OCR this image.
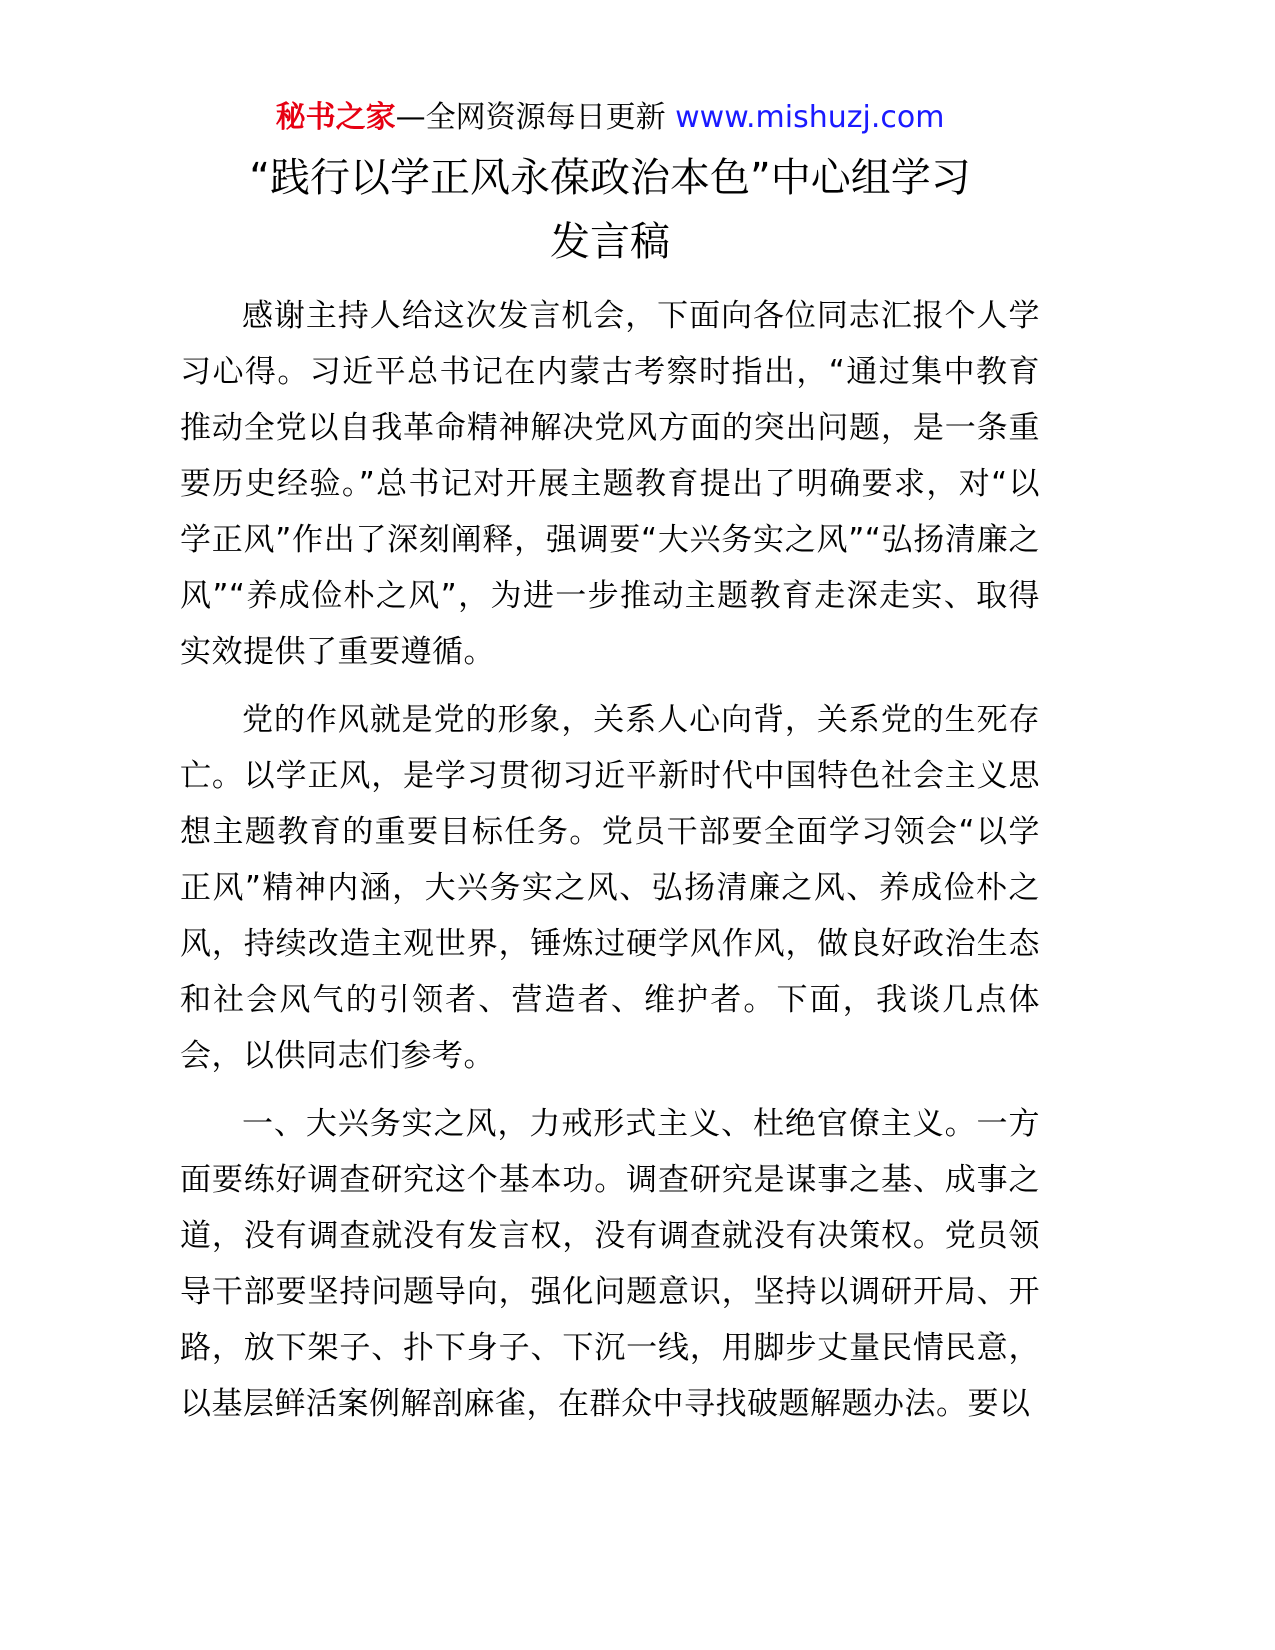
秘书之家—全网资源每日更新 www.mishuzj.com
“践行以学正风永葆政治本色”中心组学习
发言稿

感谢主持人给这次发言机会，下面向各位同志汇报个人学习心得。习近平总书记在内蒙古考察时指出，“通过集中教育推动全党以自我革命精神解决党风方面的突出问题，是一条重要历史经验。”总书记对开展主题教育提出了明确要求，对“以学正风”作出了深刻阐释，强调要“大兴务实之风”“弘扬清廉之风”“养成俭朴之风”，为进一步推动主题教育走深走实、取得实效提供了重要遵循。

党的作风就是党的形象，关系人心向背，关系党的生死存亡。以学正风，是学习贯彻习近平新时代中国特色社会主义思想主题教育的重要目标任务。党员干部要全面学习领会“以学正风”精神内涵，大兴务实之风、弘扬清廉之风、养成俭朴之风，持续改造主观世界，锤炼过硬学风作风，做良好政治生态和社会风气的引领者、营造者、维护者。下面，我谈几点体会，以供同志们参考。

一、大兴务实之风，力戒形式主义、杜绝官僚主义。一方面要练好调查研究这个基本功。调查研究是谋事之基、成事之道，没有调查就没有发言权，没有调查就没有决策权。党员领导干部要坚持问题导向，强化问题意识，坚持以调研开局、开路，放下架子、扑下身子、下沉一线，用脚步丈量民情民意，以基层鲜活案例解剖麻雀，在群众中寻找破题解题办法。要以
